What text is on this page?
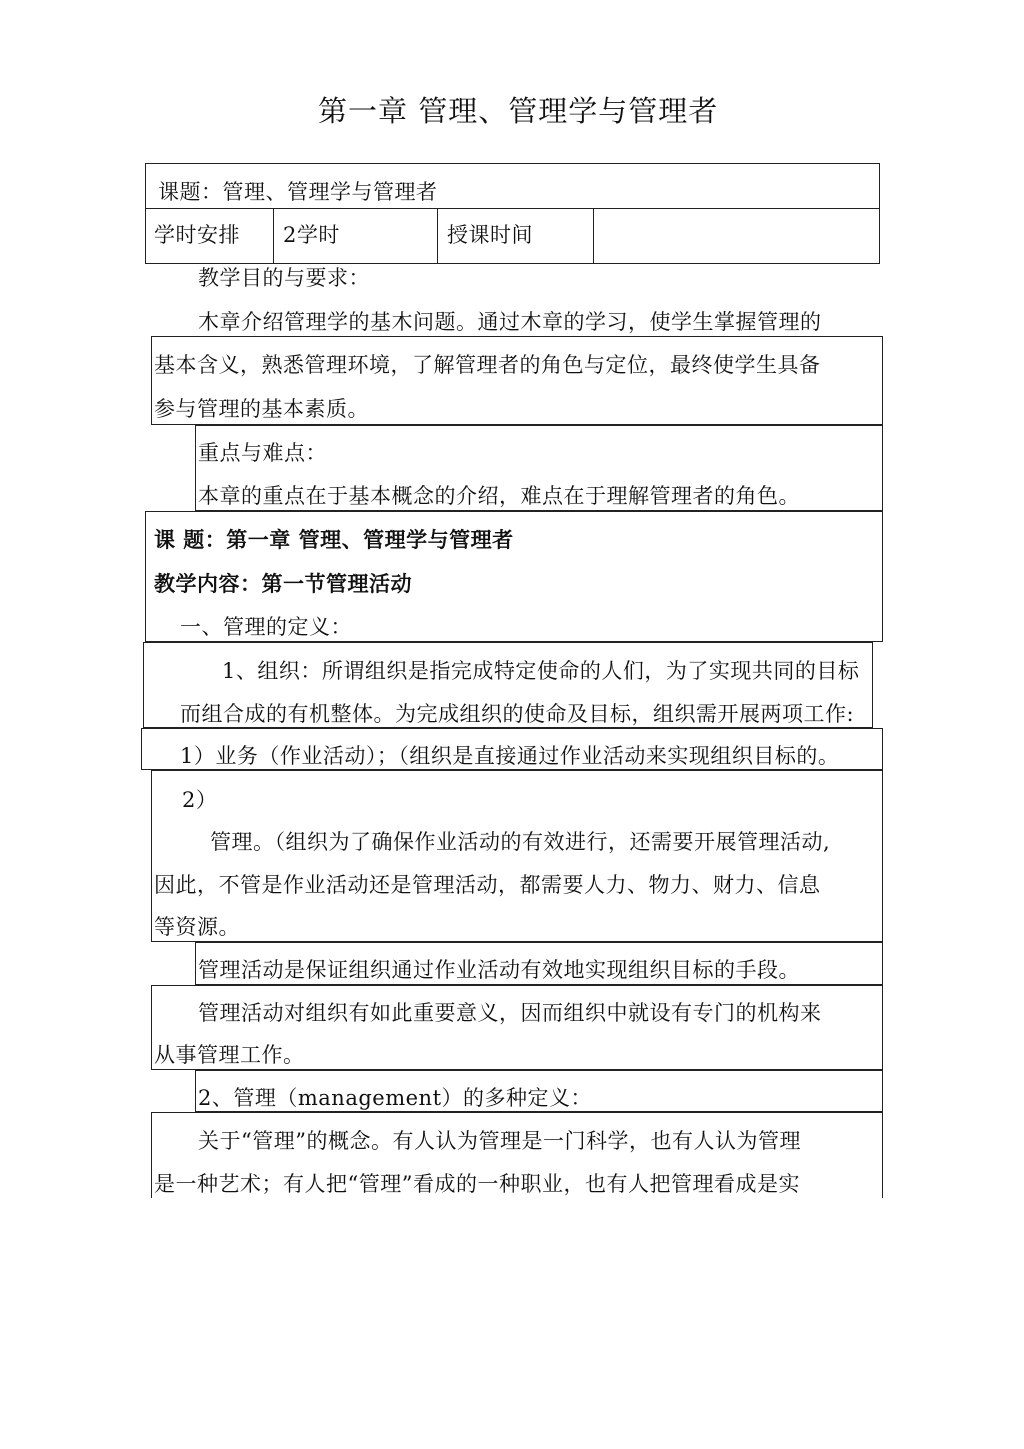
第一章 管理、管理学与管理者
课题：管理、管理学与管理者
学时安排 2学时	授课时间
教学目的与要求：
木章介绍管理学的基木问题。通过木章的学习，使学生掌握管理的
基本含义，熟悉管理环境，了解管理者的角色与定位，最终使学生具备
参与管理的基本素质。
重点与难点：
本章的重点在于基本概念的介绍，难点在于理解管理者的角色。
课 题：第一章 管理、管理学与管理者
教学内容：第一节管理活动
一、管理的定义：
1、组织：所谓组织是指完成特定使命的人们，为了实现共同的目标
而组合成的有机整体。为完成组织的使命及目标，组织需开展两项工作:
1）业务（作业活动）；（组织是直接通过作业活动来实现组织目标的。
2）
管理。（组织为了确保作业活动的有效进行，还需要开展管理活动,
因此，不管是作业活动还是管理活动，都需要人力、物力、财力、信息
等资源。
管理活动是保证组织通过作业活动有效地实现组织目标的手段。
管理活动对组织有如此重要意义，因而组织中就设有专门的机构来
从事管理工作。
2、管理（management）的多种定义：
关于“管理”的概念。有人认为管理是一门科学，也有人认为管理
是一种艺术；有人把“管理”看成的一种职业，也有人把管理看成是实
